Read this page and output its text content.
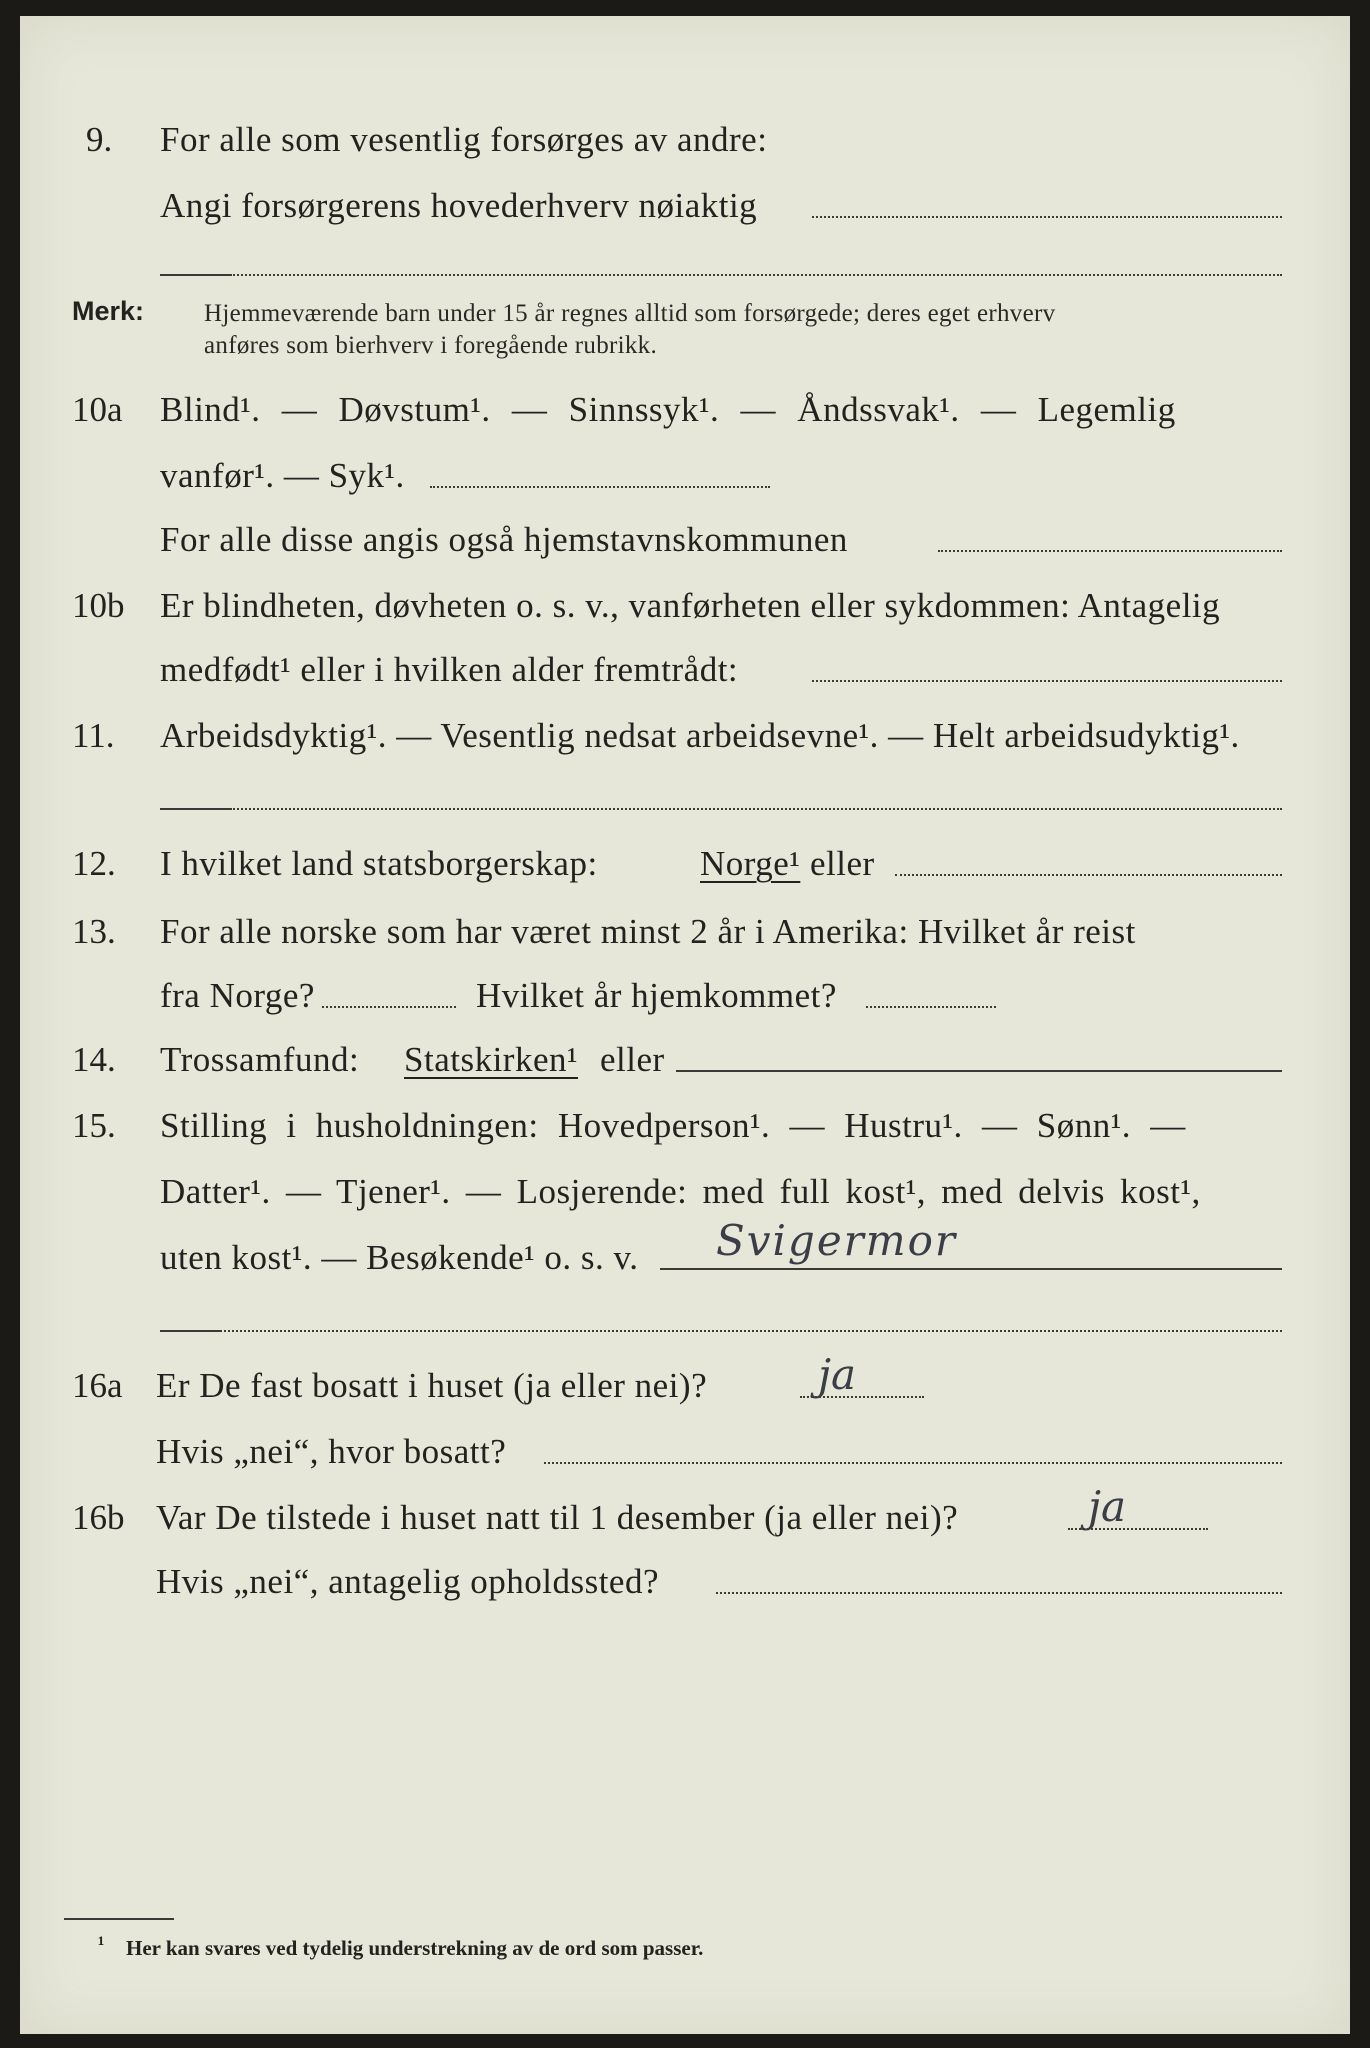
9. For alle som vesentlig forsørges av andre:
Angi forsørgerens hovederhverv nøiaktig
Merk: Hjemmeværende barn under 15 år regnes alltid som forsørgede; deres eget erhverv
anføres som bierhverv i foregående rubrikk.
10a Blind¹. — Døvstum¹. — Sinnssyk¹. — Åndssvak¹. — Legemlig
vanfør¹. — Syk¹.
For alle disse angis også hjemstavnskommunen
10b Er blindheten, døvheten o. s. v., vanførheten eller sykdommen: Antagelig
medfødt¹ eller i hvilken alder fremtrådt:
11. Arbeidsdyktig¹. — Vesentlig nedsat arbeidsevne¹. — Helt arbeidsudyktig¹.
12. I hvilket land statsborgerskap:	Norge¹ eller
13. For alle norske som har været minst 2 år i Amerika: Hvilket år reist
fra Norge?	Hvilket år hjemkommet?
14. Trossamfund: Statskirken¹ eller
15. Stilling i husholdningen: Hovedperson¹. — Hustru¹. — Sønn¹. —
Datter¹. — Tjener¹. — Losjerende: med full kost¹, med delvis kost¹,
uten kost¹. — Besøkende¹ o. s. v. Svigermor
16a Er De fast bosatt i huset (ja eller nei)?	ja
Hvis „nei“, hvor bosatt?
16b Var De tilstede i huset natt til 1 desember (ja eller nei)?	ja
Hvis „nei“, antagelig opholdssted?
¹ Her kan svares ved tydelig understrekning av de ord som passer.
